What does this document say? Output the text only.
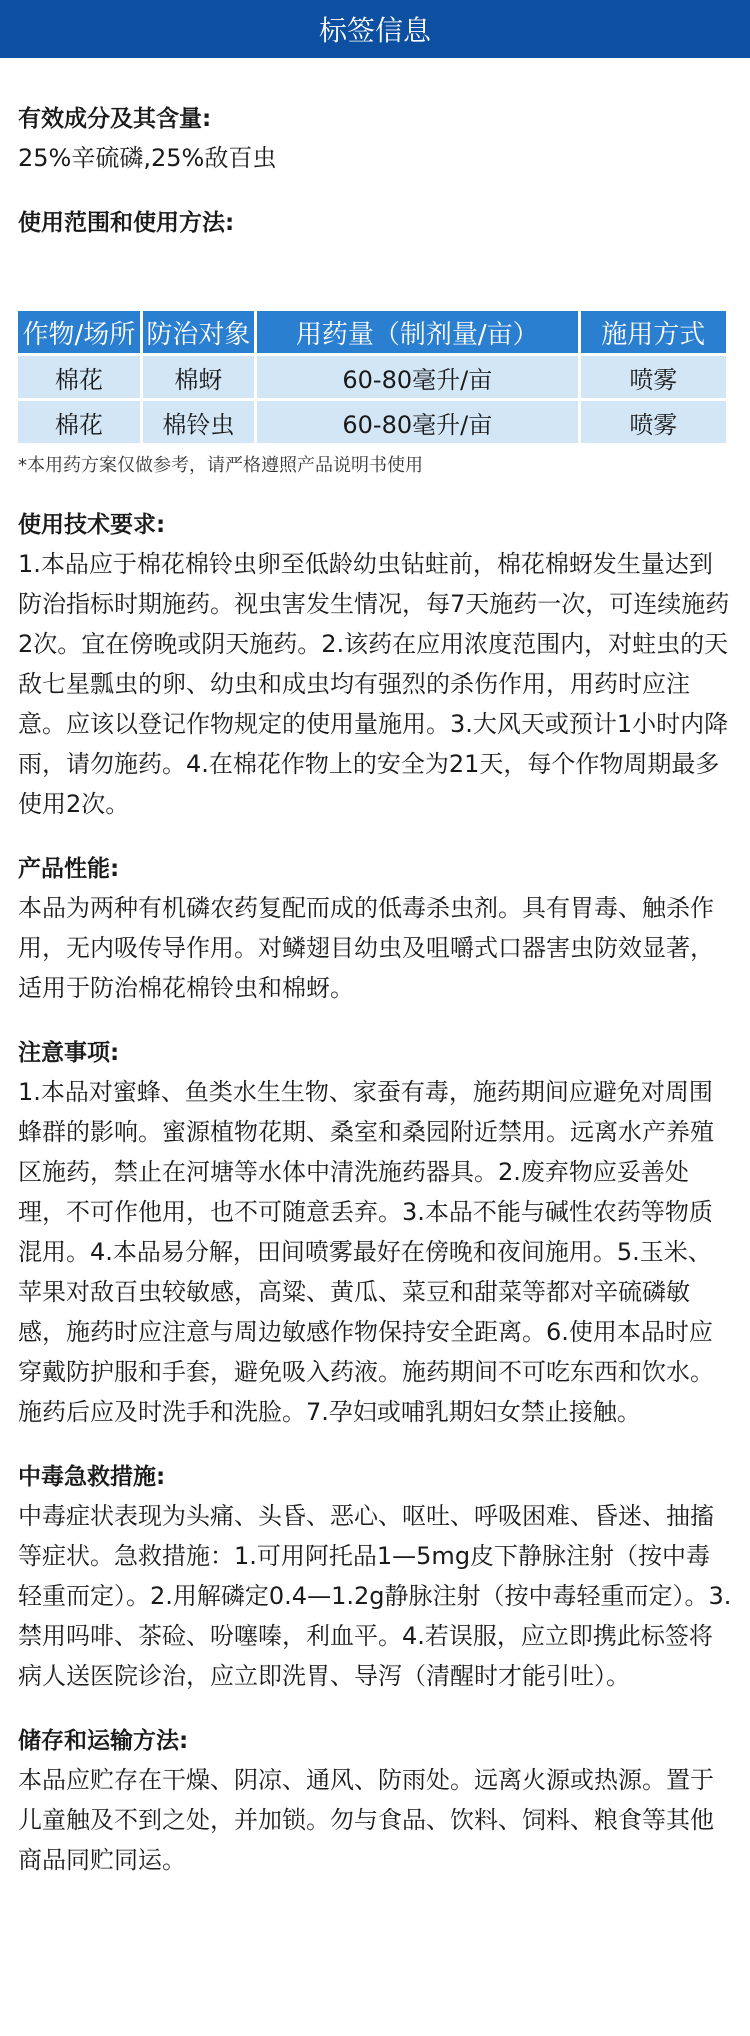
标签信息
有效成分及其含量:
25%辛硫磷,25%敌百虫
使用范围和使用方法:
作物/场所	防治对象	用药量（制剂量/亩）	施用方式
棉花	棉蚜	60-80毫升/亩	喷雾
棉花	棉铃虫	60-80毫升/亩	喷雾
*本用药方案仅做参考，请严格遵照产品说明书使用
使用技术要求:
1.本品应于棉花棉铃虫卵至低龄幼虫钻蛀前，棉花棉蚜发生量达到防治指标时期施药。视虫害发生情况，每7天施药一次，可连续施药2次。宜在傍晚或阴天施药。2.该药在应用浓度范围内，对蛀虫的天敌七星瓢虫的卵、幼虫和成虫均有强烈的杀伤作用，用药时应注意。应该以登记作物规定的使用量施用。3.大风天或预计1小时内降雨，请勿施药。4.在棉花作物上的安全为21天，每个作物周期最多使用2次。
产品性能:
本品为两种有机磷农药复配而成的低毒杀虫剂。具有胃毒、触杀作用，无内吸传导作用。对鳞翅目幼虫及咀嚼式口器害虫防效显著，适用于防治棉花棉铃虫和棉蚜。
注意事项:
1.本品对蜜蜂、鱼类水生生物、家蚕有毒，施药期间应避免对周围蜂群的影响。蜜源植物花期、桑室和桑园附近禁用。远离水产养殖区施药，禁止在河塘等水体中清洗施药器具。2.废弃物应妥善处理，不可作他用，也不可随意丢弃。3.本品不能与碱性农药等物质混用。4.本品易分解，田间喷雾最好在傍晚和夜间施用。5.玉米、苹果对敌百虫较敏感，高粱、黄瓜、菜豆和甜菜等都对辛硫磷敏感，施药时应注意与周边敏感作物保持安全距离。6.使用本品时应穿戴防护服和手套，避免吸入药液。施药期间不可吃东西和饮水。施药后应及时洗手和洗脸。7.孕妇或哺乳期妇女禁止接触。
中毒急救措施:
中毒症状表现为头痛、头昏、恶心、呕吐、呼吸困难、昏迷、抽搐等症状。急救措施：1.可用阿托品1—5mg皮下静脉注射（按中毒轻重而定）。2.用解磷定0.4—1.2g静脉注射（按中毒轻重而定）。3.禁用吗啡、茶硷、吩噻嗪，利血平。4.若误服，应立即携此标签将病人送医院诊治，应立即洗胃、导泻（清醒时才能引吐）。
储存和运输方法:
本品应贮存在干燥、阴凉、通风、防雨处。远离火源或热源。置于儿童触及不到之处，并加锁。勿与食品、饮料、饲料、粮食等其他商品同贮同运。
